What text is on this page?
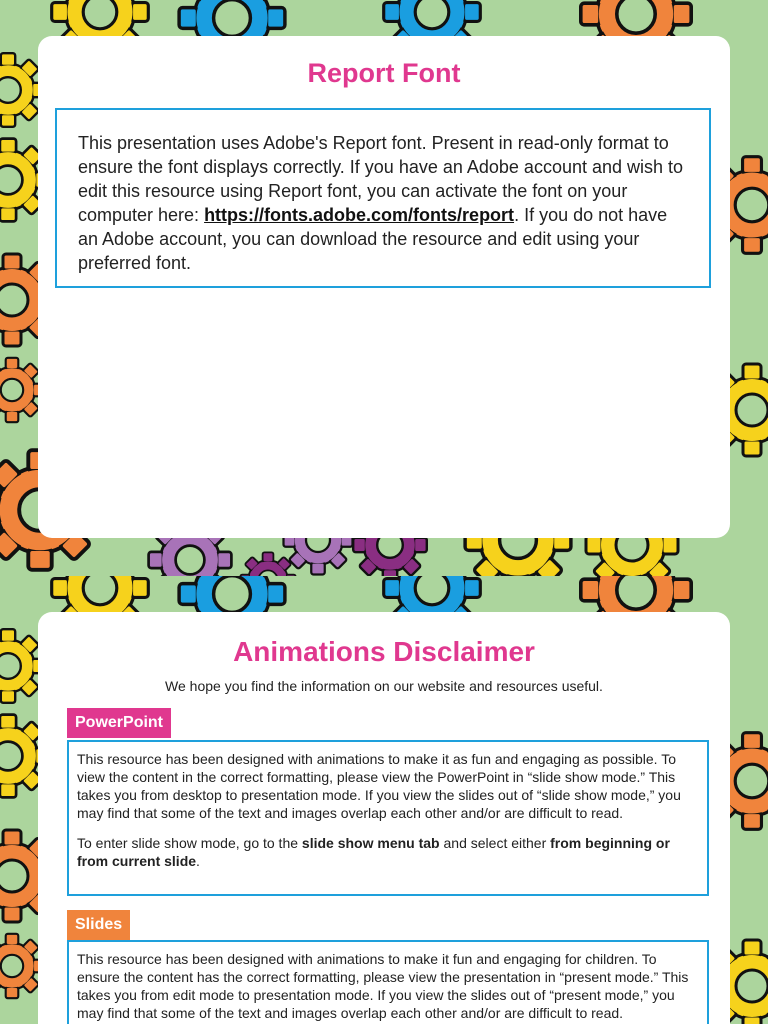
Report Font
This presentation uses Adobe's Report font. Present in read-only format to ensure the font displays correctly. If you have an Adobe account and wish to edit this resource using Report font, you can activate the font on your computer here: https://fonts.adobe.com/fonts/report. If you do not have an Adobe account, you can download the resource and edit using your preferred font.
Animations Disclaimer
We hope you find the information on our website and resources useful.
PowerPoint

This resource has been designed with animations to make it as fun and engaging as possible. To view the content in the correct formatting, please view the PowerPoint in “slide show mode.” This takes you from desktop to presentation mode. If you view the slides out of “slide show mode,” you may find that some of the text and images overlap each other and/or are difficult to read.

To enter slide show mode, go to the slide show menu tab and select either from beginning or from current slide.

Slides

This resource has been designed with animations to make it fun and engaging for children. To ensure the content has the correct formatting, please view the presentation in “present mode.” This takes you from edit mode to presentation mode. If you view the slides out of “present mode,” you may find that some of the text and images overlap each other and/or are difficult to read.
